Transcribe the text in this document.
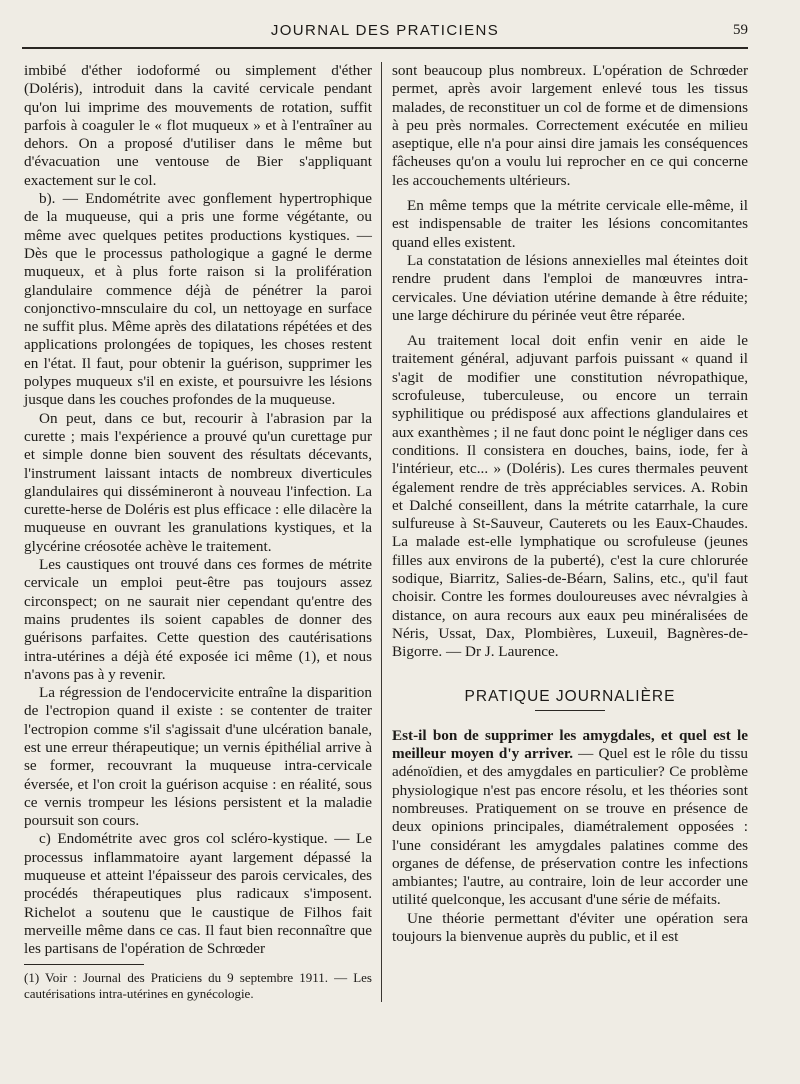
JOURNAL DES PRATICIENS	59

imbibé d'éther iodoformé ou simplement d'éther (Doléris), introduit dans la cavité cervicale pendant qu'on lui imprime des mouvements de rotation, suffit parfois à coaguler le « flot muqueux » et à l'entraîner au dehors. On a proposé d'utiliser dans le même but d'évacuation une ventouse de Bier s'appliquant exactement sur le col.

b). — Endométrite avec gonflement hypertrophique de la muqueuse, qui a pris une forme végétante, ou même avec quelques petites productions kystiques. — Dès que le processus pathologique a gagné le derme muqueux, et à plus forte raison si la prolifération glandulaire commence déjà de pénétrer la paroi conjonctivo-mnsculaire du col, un nettoyage en surface ne suffit plus. Même après des dilatations répétées et des applications prolongées de topiques, les choses restent en l'état. Il faut, pour obtenir la guérison, supprimer les polypes muqueux s'il en existe, et poursuivre les lésions jusque dans les couches profondes de la muqueuse.

On peut, dans ce but, recourir à l'abrasion par la curette ; mais l'expérience a prouvé qu'un curettage pur et simple donne bien souvent des résultats décevants, l'instrument laissant intacts de nombreux diverticules glandulaires qui dissémineront à nouveau l'infection. La curette-herse de Doléris est plus efficace : elle dilacère la muqueuse en ouvrant les granulations kystiques, et la glycérine créosotée achève le traitement.

Les caustiques ont trouvé dans ces formes de métrite cervicale un emploi peut-être pas toujours assez circonspect; on ne saurait nier cependant qu'entre des mains prudentes ils soient capables de donner des guérisons parfaites. Cette question des cautérisations intra-utérines a déjà été exposée ici même (1), et nous n'avons pas à y revenir.

La régression de l'endocervicite entraîne la disparition de l'ectropion quand il existe : se contenter de traiter l'ectropion comme s'il s'agissait d'une ulcération banale, est une erreur thérapeutique; un vernis épithélial arrive à se former, recouvrant la muqueuse intra-cervicale éversée, et l'on croit la guérison acquise : en réalité, sous ce vernis trompeur les lésions persistent et la maladie poursuit son cours.

c) Endométrite avec gros col scléro-kystique. — Le processus inflammatoire ayant largement dépassé la muqueuse et atteint l'épaisseur des parois cervicales, des procédés thérapeutiques plus radicaux s'imposent. Richelot a soutenu que le caustique de Filhos fait merveille même dans ce cas. Il faut bien reconnaître que les partisans de l'opération de Schrœder

(1) Voir : Journal des Praticiens du 9 septembre 1911. — Les cautérisations intra-utérines en gynécologie.

sont beaucoup plus nombreux. L'opération de Schrœder permet, après avoir largement enlevé tous les tissus malades, de reconstituer un col de forme et de dimensions à peu près normales. Correctement exécutée en milieu aseptique, elle n'a pour ainsi dire jamais les conséquences fâcheuses qu'on a voulu lui reprocher en ce qui concerne les accouchements ultérieurs.

En même temps que la métrite cervicale elle-même, il est indispensable de traiter les lésions concomitantes quand elles existent.

La constatation de lésions annexielles mal éteintes doit rendre prudent dans l'emploi de manœuvres intra-cervicales. Une déviation utérine demande à être réduite; une large déchirure du périnée veut être réparée.

Au traitement local doit enfin venir en aide le traitement général, adjuvant parfois puissant « quand il s'agit de modifier une constitution névropathique, scrofuleuse, tuberculeuse, ou encore un terrain syphilitique ou prédisposé aux affections glandulaires et aux exanthèmes ; il ne faut donc point le négliger dans ces conditions. Il consistera en douches, bains, iode, fer à l'intérieur, etc... » (Doléris). Les cures thermales peuvent également rendre de très appréciables services. A. Robin et Dalché conseillent, dans la métrite catarrhale, la cure sulfureuse à St-Sauveur, Cauterets ou les Eaux-Chaudes. La malade est-elle lymphatique ou scrofuleuse (jeunes filles aux environs de la puberté), c'est la cure chlorurée sodique, Biarritz, Salies-de-Béarn, Salins, etc., qu'il faut choisir. Contre les formes douloureuses avec névralgies à distance, on aura recours aux eaux peu minéralisées de Néris, Ussat, Dax, Plombières, Luxeuil, Bagnères-de-Bigorre. — Dr J. Laurence.

PRATIQUE JOURNALIÈRE

Est-il bon de supprimer les amygdales, et quel est le meilleur moyen d'y arriver. — Quel est le rôle du tissu adénoïdien, et des amygdales en particulier? Ce problème physiologique n'est pas encore résolu, et les théories sont nombreuses. Pratiquement on se trouve en présence de deux opinions principales, diamétralement opposées : l'une considérant les amygdales palatines comme des organes de défense, de préservation contre les infections ambiantes; l'autre, au contraire, loin de leur accorder une utilité quelconque, les accusant d'une série de méfaits.

Une théorie permettant d'éviter une opération sera toujours la bienvenue auprès du public, et il est
